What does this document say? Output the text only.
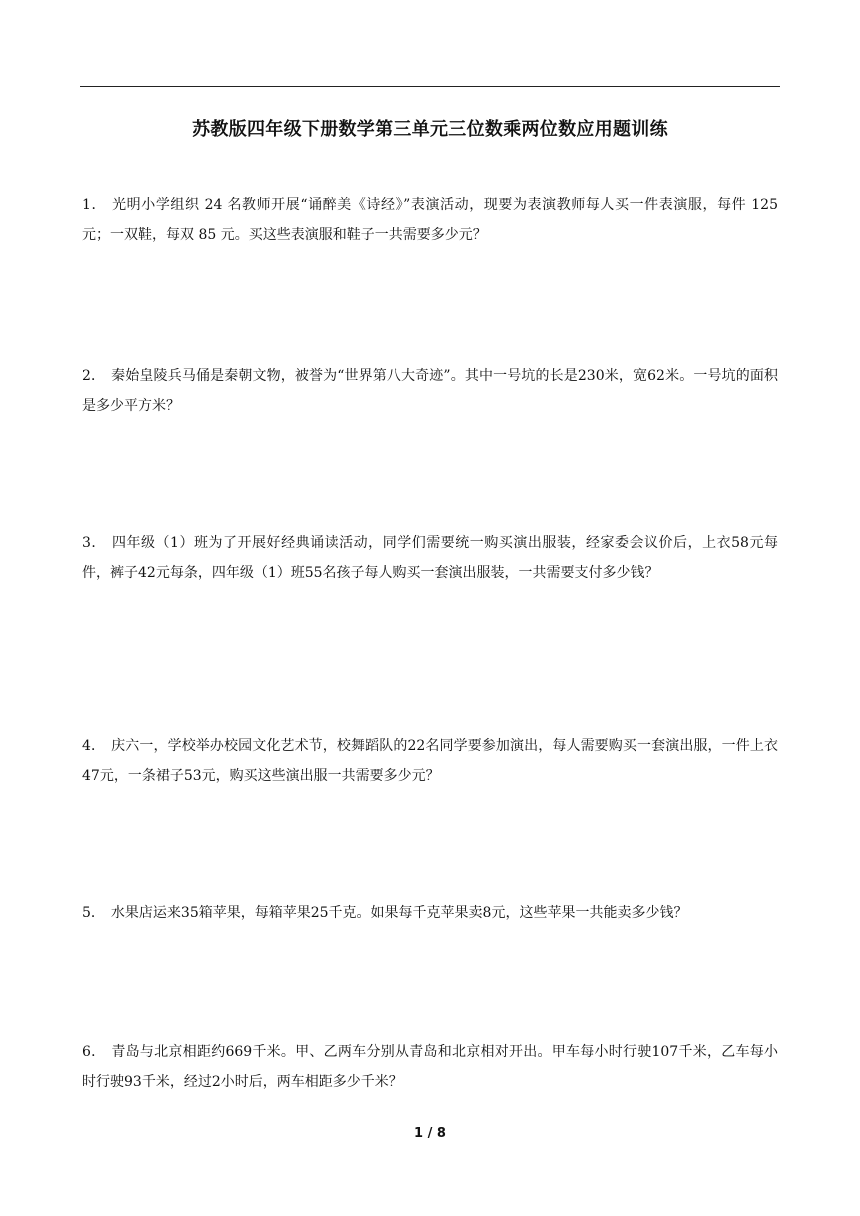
苏教版四年级下册数学第三单元三位数乘两位数应用题训练
1． 光明小学组织 24 名教师开展“诵醉美《诗经》”表演活动，现要为表演教师每人买一件表演服，每件 125 元；一双鞋，每双 85 元。买这些表演服和鞋子一共需要多少元？
2． 秦始皇陵兵马俑是秦朝文物，被誉为“世界第八大奇迹”。其中一号坑的长是230米，宽62米。一号坑的面积是多少平方米？
3． 四年级（1）班为了开展好经典诵读活动，同学们需要统一购买演出服装，经家委会议价后，上衣58元每件，裤子42元每条，四年级（1）班55名孩子每人购买一套演出服装，一共需要支付多少钱？
4． 庆六一，学校举办校园文化艺术节，校舞蹈队的22名同学要参加演出，每人需要购买一套演出服，一件上衣47元，一条裙子53元，购买这些演出服一共需要多少元？
5． 水果店运来35箱苹果，每箱苹果25千克。如果每千克苹果卖8元，这些苹果一共能卖多少钱？
6． 青岛与北京相距约669千米。甲、乙两车分别从青岛和北京相对开出。甲车每小时行驶107千米，乙车每小时行驶93千米，经过2小时后，两车相距多少千米？
1 / 8
